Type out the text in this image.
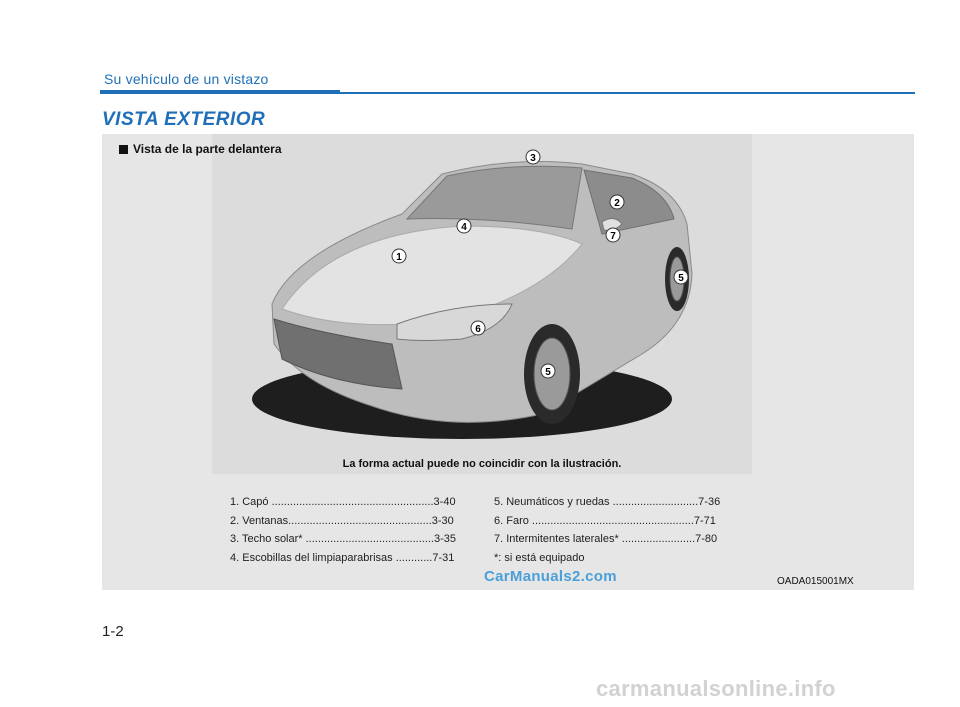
Su vehículo de un vistazo
VISTA EXTERIOR
Vista de la parte delantera
1
2
3
4
5
5
6
7
La forma actual puede no coincidir con la ilustración.
1. Capó .....................................................3-40
2. Ventanas...............................................3-30
3. Techo solar* ..........................................3-35
4. Escobillas del limpiaparabrisas ............7-31
5. Neumáticos y ruedas ............................7-36
6. Faro .....................................................7-71
7. Intermitentes laterales* ........................7-80
*: si está equipado
OADA015001MX
CarManuals2.com
1-2
carmanualsonline.info
